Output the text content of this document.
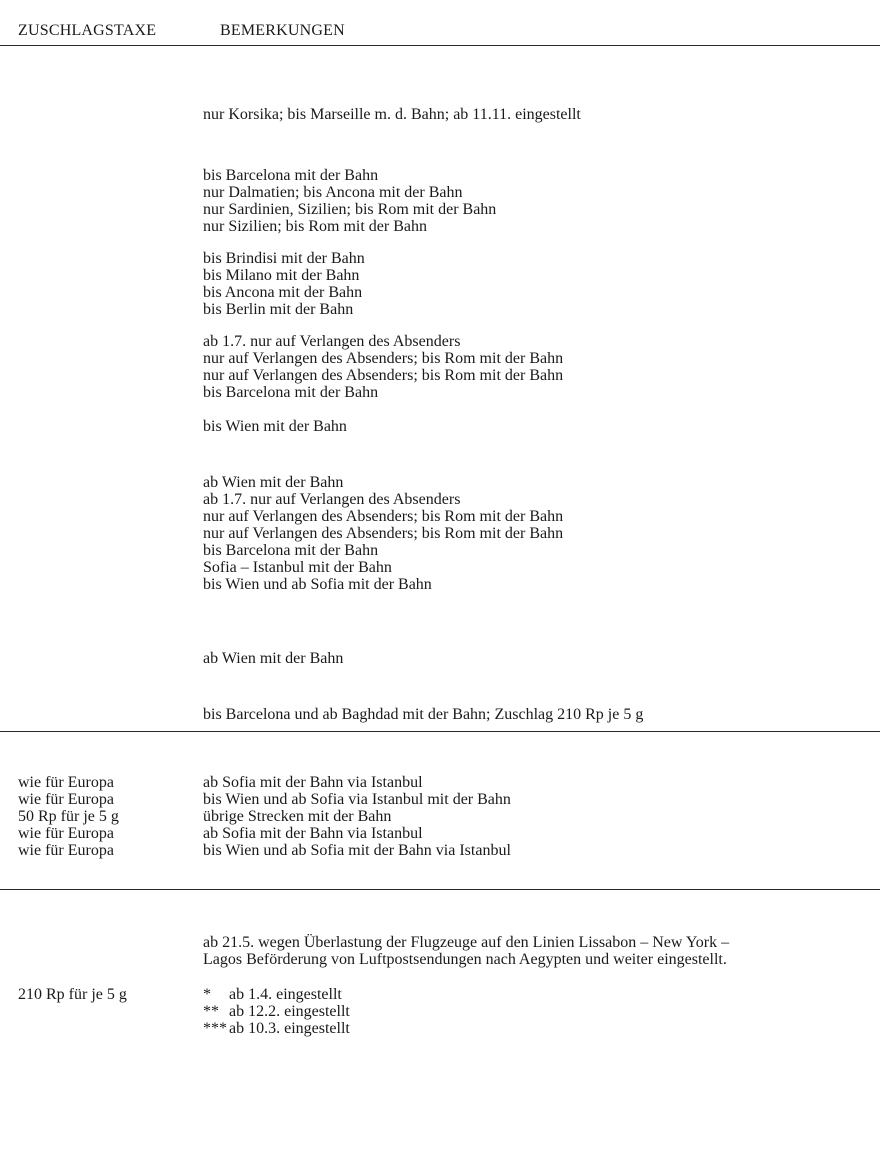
ZUSCHLAGSTAXE	BEMERKUNGEN
nur Korsika; bis Marseille m. d. Bahn; ab 11.11. eingestellt
bis Barcelona mit der Bahn
nur Dalmatien; bis Ancona mit der Bahn
nur Sardinien, Sizilien; bis Rom mit der Bahn
nur Sizilien; bis Rom mit der Bahn
bis Brindisi mit der Bahn
bis Milano mit der Bahn
bis Ancona mit der Bahn
bis Berlin mit der Bahn
ab 1.7. nur auf Verlangen des Absenders
nur auf Verlangen des Absenders; bis Rom mit der Bahn
nur auf Verlangen des Absenders; bis Rom mit der Bahn
bis Barcelona mit der Bahn
bis Wien mit der Bahn
ab Wien mit der Bahn
ab 1.7. nur auf Verlangen des Absenders
nur auf Verlangen des Absenders; bis Rom mit der Bahn
nur auf Verlangen des Absenders; bis Rom mit der Bahn
bis Barcelona mit der Bahn
Sofia – Istanbul mit der Bahn
bis Wien und ab Sofia mit der Bahn
ab Wien mit der Bahn
bis Barcelona und ab Baghdad mit der Bahn; Zuschlag 210 Rp je 5 g
wie für Europa	ab Sofia mit der Bahn via Istanbul
wie für Europa	bis Wien und ab Sofia via Istanbul mit der Bahn
50 Rp für je 5 g	übrige Strecken mit der Bahn
wie für Europa	ab Sofia mit der Bahn via Istanbul
wie für Europa	bis Wien und ab Sofia mit der Bahn via Istanbul
ab 21.5. wegen Überlastung der Flugzeuge auf den Linien Lissabon – New York –
Lagos Beförderung von Luftpostsendungen nach Aegypten und weiter eingestellt.
210 Rp für je 5 g	* ab 1.4. eingestellt
** ab 12.2. eingestellt
*** ab 10.3. eingestellt
